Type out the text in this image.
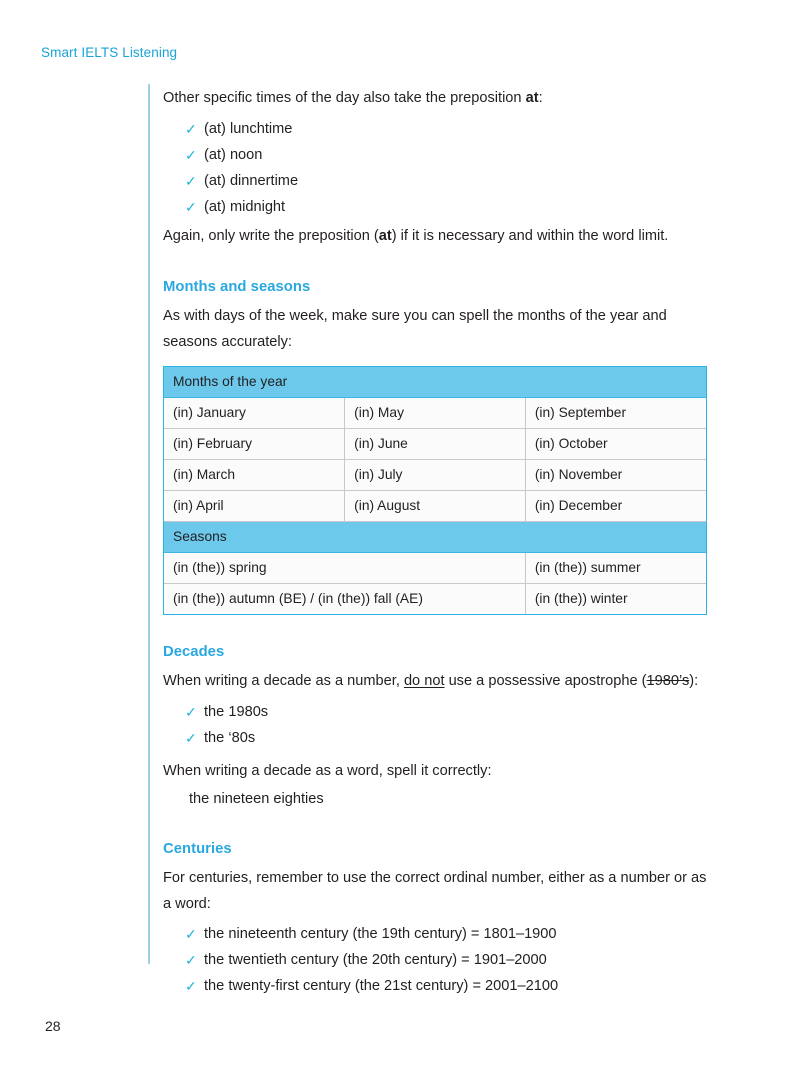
Smart IELTS Listening

Other specific times of the day also take the preposition at:

✓ (at) lunchtime
✓ (at) noon
✓ (at) dinnertime
✓ (at) midnight

Again, only write the preposition (at) if it is necessary and within the word limit.

Months and seasons

As with days of the week, make sure you can spell the months of the year and seasons accurately:

Months of the year		
(in) January	(in) May	(in) September
(in) February	(in) June	(in) October
(in) March	(in) July	(in) November
(in) April	(in) August	(in) December
Seasons		
(in (the)) spring		(in (the)) summer
(in (the)) autumn (BE) / (in (the)) fall (AE)		(in (the)) winter
Decades

When writing a decade as a number, do not use a possessive apostrophe (1980’s):

✓ the 1980s
✓ the ‘80s

When writing a decade as a word, spell it correctly:

the nineteen eighties
Centuries

For centuries, remember to use the correct ordinal number, either as a number or as a word:

✓ the nineteenth century (the 19th century) = 1801–1900
✓ the twentieth century (the 20th century) = 1901–2000
✓ the twenty-first century (the 21st century) = 2001–2100
28
